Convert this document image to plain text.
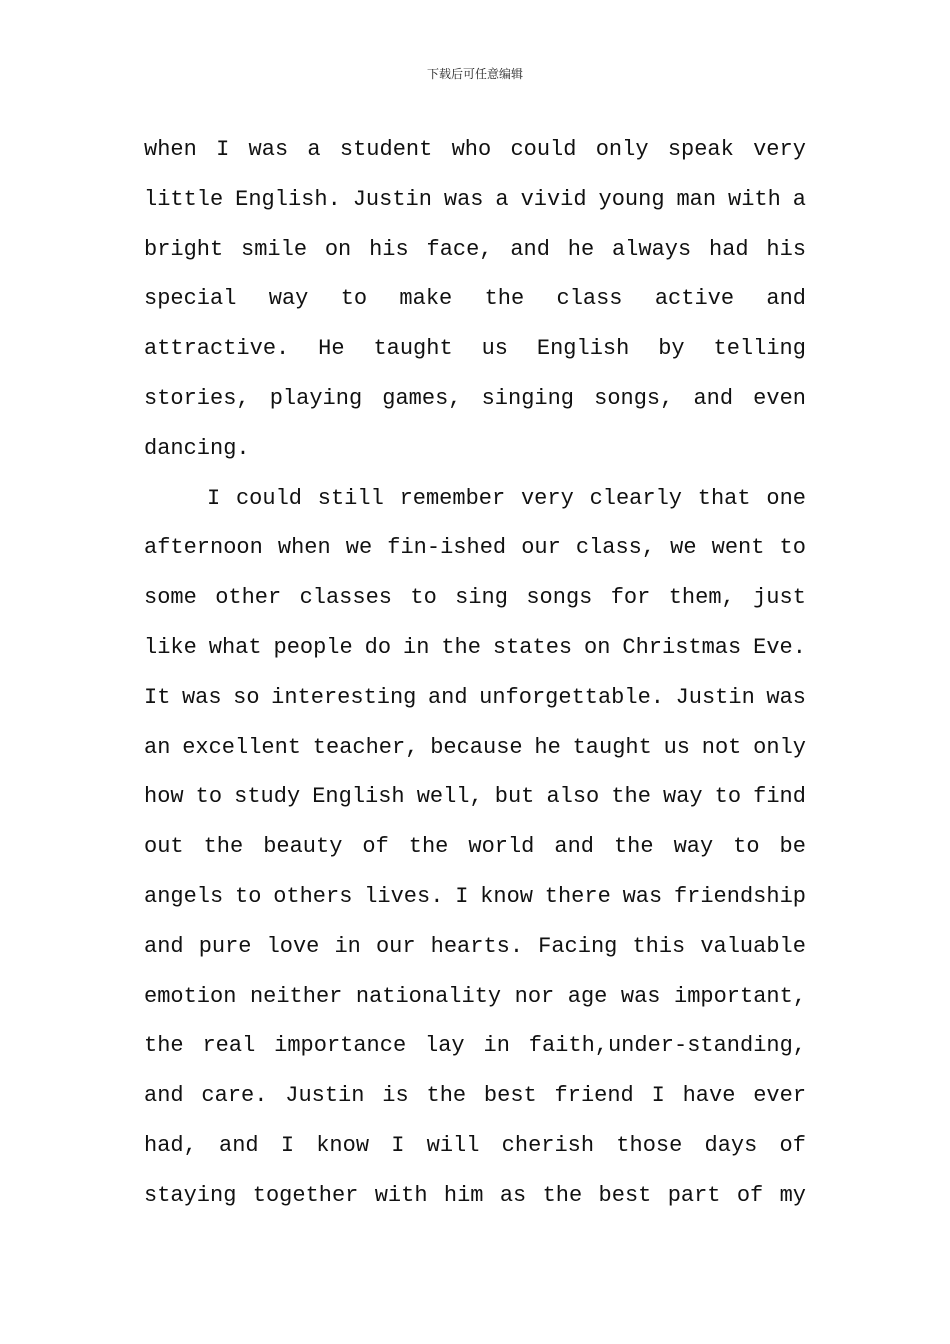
下载后可任意编辑
when I was a student who could only speak very
little English. Justin was a vivid young man with a
bright smile on his face, and he always had his
special way to make the class active and
attractive. He taught us English by telling
stories, playing games, singing songs, and even
dancing.
I could still remember very clearly that one
afternoon when we fin-ished our class, we went to
some other classes to sing songs for them, just
like what people do in the states on Christmas Eve.
It was so interesting and unforgettable. Justin was
an excellent teacher, because he taught us not only
how to study English well, but also the way to find
out the beauty of the world and the way to be
angels to others lives. I know there was friendship
and pure love in our hearts. Facing this valuable
emotion neither nationality nor age was important,
the real importance lay in faith,under-standing,
and care. Justin is the best friend I have ever
had, and I know I will cherish those days of
staying together with him as the best part of my
